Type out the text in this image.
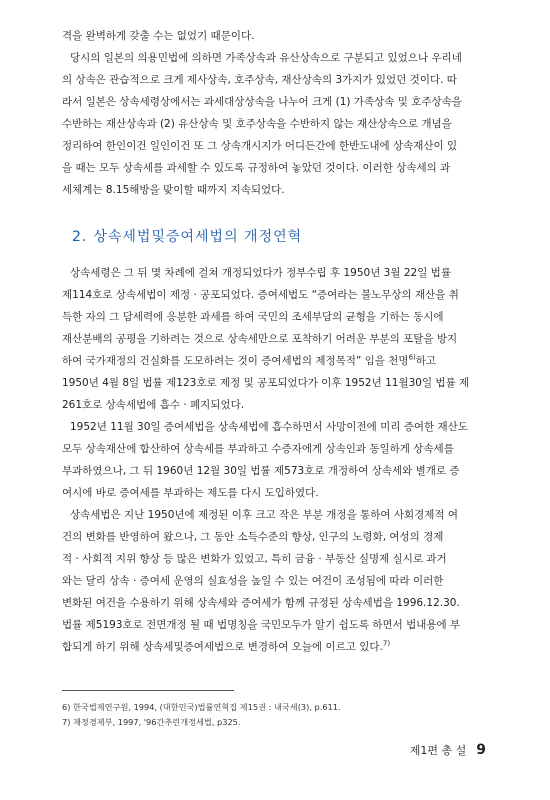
격을 완벽하게 갖출 수는 없었기 때문이다.

당시의 일본의 의용민법에 의하면 가족상속과 유산상속으로 구분되고 있었으나 우리네
의 상속은 관습적으로 크게 제사상속, 호주상속, 재산상속의 3가지가 있었던 것이다. 따
라서 일본은 상속세령상에서는 과세대상상속을 나누어 크게 (1) 가족상속 및 호주상속을
수반하는 재산상속과 (2) 유산상속 및 호주상속을 수반하지 않는 재산상속으로 개념을
정리하여 한인이건 일인이건 또 그 상속개시지가 어디든간에 한반도내에 상속재산이 있
을 때는 모두 상속세를 과세할 수 있도록 규정하여 놓았던 것이다. 이러한 상속세의 과
세체계는 8.15해방을 맞이할 때까지 지속되었다.

2. 상속세법및증여세법의 개정연혁

상속세령은 그 뒤 몇 차례에 걸쳐 개정되었다가 정부수립 후 1950년 3월 22일 법률
제114호로 상속세법이 제정 · 공포되었다. 증여세법도 “증여라는 불노무상의 재산을 취
득한 자의 그 담세력에 응분한 과세를 하여 국민의 조세부담의 균형을 기하는 동시에
재산분배의 공평을 기하려는 것으로 상속세만으로 포착하기 어려운 부분의 포탈을 방지
하여 국가재정의 건실화를 도모하려는 것이 증여세법의 제정목적” 임을 천명$^{6)}$하고
1950년 4월 8일 법률 제123호로 제정 및 공포되었다가 이후 1952년 11월30일 법률 제
261호로 상속세법에 흡수 · 폐지되었다.

1952년 11월 30일 증여세법을 상속세법에 흡수하면서 사망이전에 미리 증여한 재산도
모두 상속재산에 합산하여 상속세를 부과하고 수증자에게 상속인과 동일하게 상속세를
부과하였으나, 그 뒤 1960년 12월 30일 법률 제573호로 개정하여 상속세와 별개로 증
여시에 바로 증여세를 부과하는 제도를 다시 도입하였다.

상속세법은 지난 1950년에 제정된 이후 크고 작은 부분 개정을 통하여 사회경제적 여
건의 변화를 반영하여 왔으나, 그 동안 소득수준의 향상, 인구의 노령화, 여성의 경제
적 · 사회적 지위 향상 등 많은 변화가 있었고, 특히 금융 · 부동산 실명제 실시로 과거
와는 달리 상속 · 증여세 운영의 실효성을 높일 수 있는 여건이 조성됨에 따라 이러한
변화된 여건을 수용하기 위해 상속세와 증여세가 함께 규정된 상속세법을 1996.12.30.
법률 제5193호로 전면개정 될 때 법명칭을 국민모두가 알기 쉽도록 하면서 법내용에 부
합되게 하기 위해 상속세및증여세법으로 변경하여 오늘에 이르고 있다.$^{7)}$

6) 한국법제연구원, 1994, (대한민국)법률연혁집 제15권 : 내국세(3), p.611.
7) 재정경제부, 1997, '96간추린개정세법, p325.
제1편 총 설 9
